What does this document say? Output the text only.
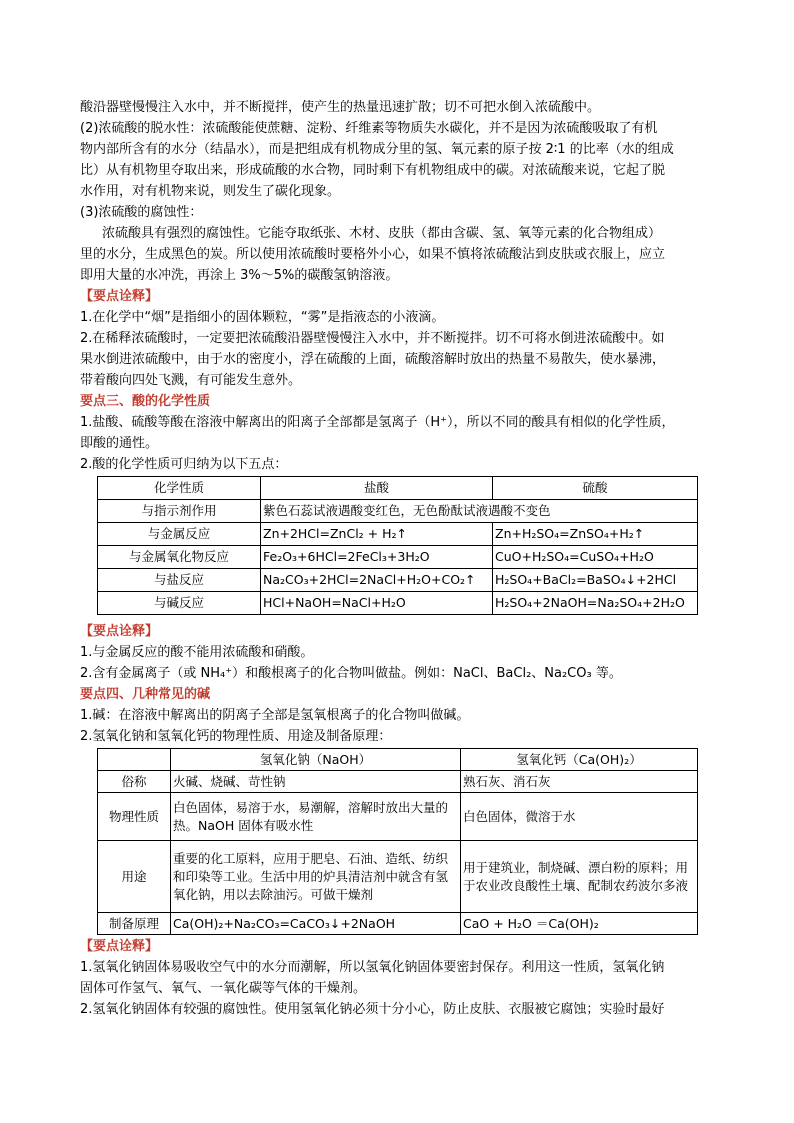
酸沿器壁慢慢注入水中，并不断搅拌，使产生的热量迅速扩散；切不可把水倒入浓硫酸中。
(2)浓硫酸的脱水性：浓硫酸能使蔗糖、淀粉、纤维素等物质失水碳化，并不是因为浓硫酸吸取了有机
物内部所含有的水分（结晶水），而是把组成有机物成分里的氢、氧元素的原子按 2∶1 的比率（水的组成
比）从有机物里夺取出来，形成硫酸的水合物，同时剩下有机物组成中的碳。对浓硫酸来说，它起了脱
水作用，对有机物来说，则发生了碳化现象。
(3)浓硫酸的腐蚀性：
浓硫酸具有强烈的腐蚀性。它能夺取纸张、木材、皮肤（都由含碳、氢、氧等元素的化合物组成）
里的水分，生成黑色的炭。所以使用浓硫酸时要格外小心，如果不慎将浓硫酸沾到皮肤或衣服上，应立
即用大量的水冲洗，再涂上 3%～5%的碳酸氢钠溶液。
【要点诠释】
1.在化学中“烟”是指细小的固体颗粒，“雾”是指液态的小液滴。
2.在稀释浓硫酸时，一定要把浓硫酸沿器壁慢慢注入水中，并不断搅拌。切不可将水倒进浓硫酸中。如
果水倒进浓硫酸中，由于水的密度小，浮在硫酸的上面，硫酸溶解时放出的热量不易散失，使水暴沸，
带着酸向四处飞溅，有可能发生意外。
要点三、酸的化学性质
1.盐酸、硫酸等酸在溶液中解离出的阳离子全部都是氢离子（H⁺），所以不同的酸具有相似的化学性质，
即酸的通性。
2.酸的化学性质可归纳为以下五点：
化学性质	盐酸	硫酸
与指示剂作用	紫色石蕊试液遇酸变红色，无色酚酞试液遇酸不变色	
与金属反应	Zn+2HCl=ZnCl₂ + H₂↑	Zn+H₂SO₄=ZnSO₄+H₂↑
与金属氧化物反应	Fe₂O₃+6HCl=2FeCl₃+3H₂O	CuO+H₂SO₄=CuSO₄+H₂O
与盐反应	Na₂CO₃+2HCl=2NaCl+H₂O+CO₂↑	H₂SO₄+BaCl₂=BaSO₄↓+2HCl
与碱反应	HCl+NaOH=NaCl+H₂O	H₂SO₄+2NaOH=Na₂SO₄+2H₂O
【要点诠释】
1.与金属反应的酸不能用浓硫酸和硝酸。
2.含有金属离子（或 NH₄⁺）和酸根离子的化合物叫做盐。例如：NaCl、BaCl₂、Na₂CO₃ 等。
要点四、几种常见的碱
1.碱：在溶液中解离出的阴离子全部是氢氧根离子的化合物叫做碱。
2.氢氧化钠和氢氧化钙的物理性质、用途及制备原理：
	氢氧化钠（NaOH）	氢氧化钙（Ca(OH)₂）
俗称	火碱、烧碱、苛性钠	熟石灰、消石灰
物理性质	白色固体，易溶于水，易潮解，溶解时放出大量的热。NaOH 固体有吸水性	白色固体，微溶于水
用途	重要的化工原料，应用于肥皂、石油、造纸、纺织和印染等工业。生活中用的炉具清洁剂中就含有氢氧化钠，用以去除油污。可做干燥剂	用于建筑业，制烧碱、漂白粉的原料；用于农业改良酸性土壤、配制农药波尔多液
制备原理	Ca(OH)₂+Na₂CO₃=CaCO₃↓+2NaOH	CaO + H₂O ＝Ca(OH)₂
【要点诠释】
1.氢氧化钠固体易吸收空气中的水分而潮解，所以氢氧化钠固体要密封保存。利用这一性质，氢氧化钠
固体可作氢气、氧气、一氧化碳等气体的干燥剂。
2.氢氧化钠固体有较强的腐蚀性。使用氢氧化钠必须十分小心，防止皮肤、衣服被它腐蚀；实验时最好
